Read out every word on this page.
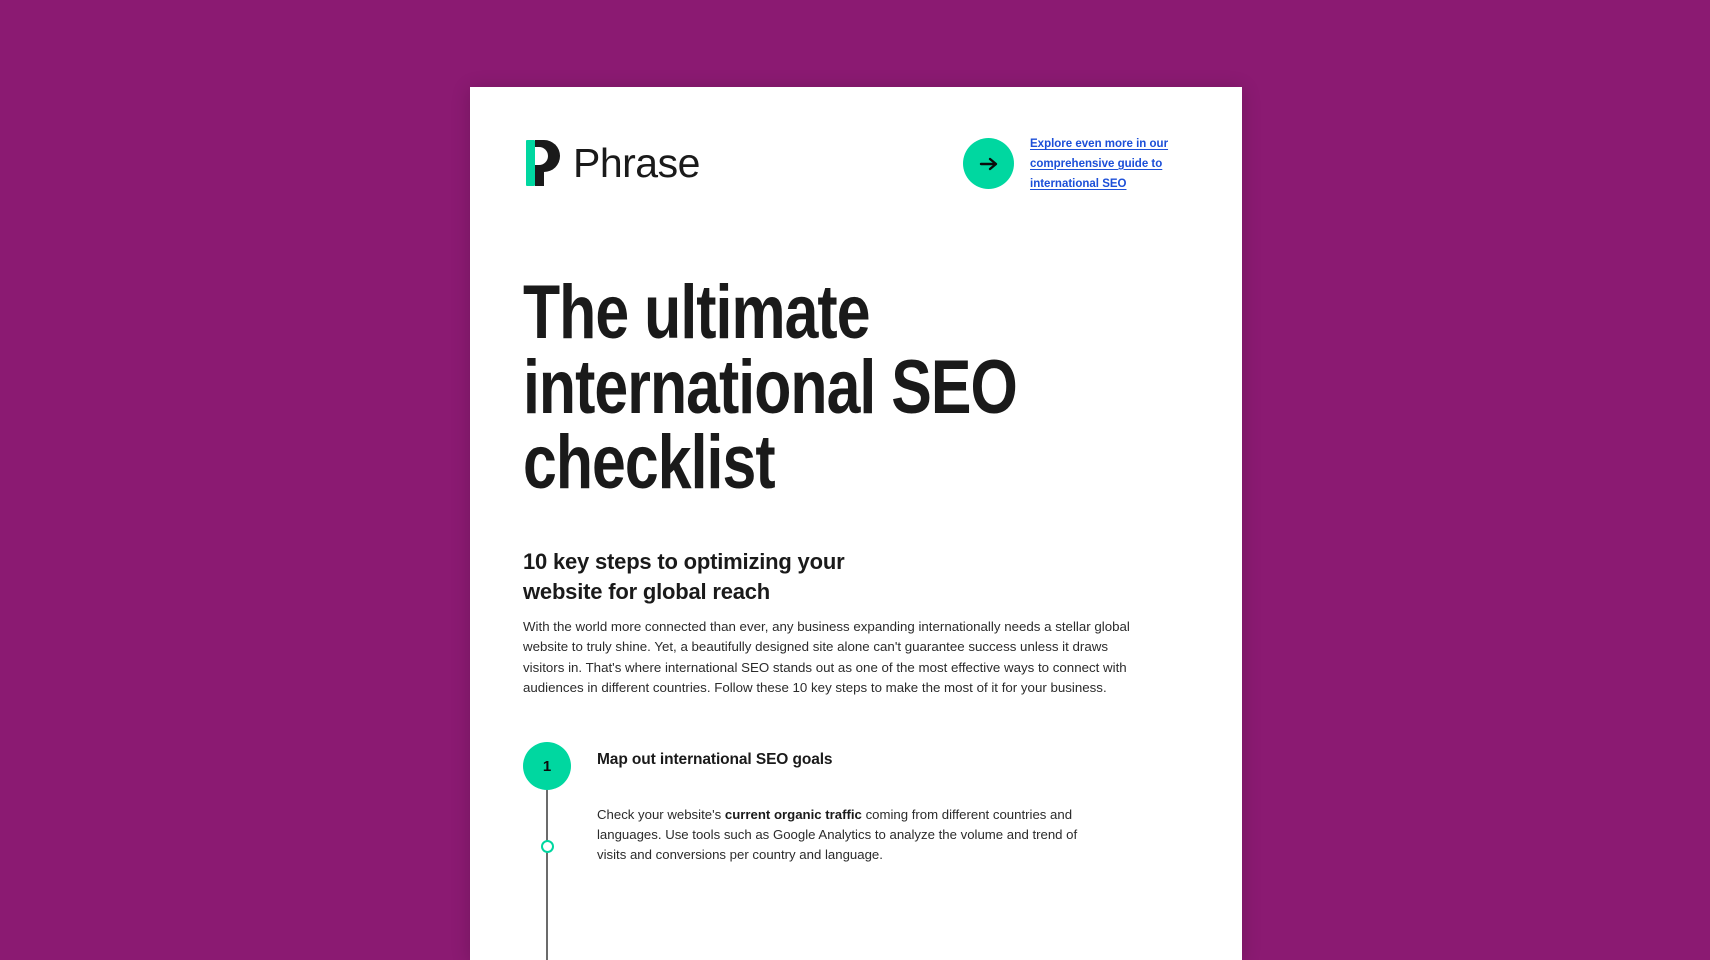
Phrase	Explore even more in our comprehensive guide to international SEO
The ultimate international SEO checklist
10 key steps to optimizing your website for global reach

With the world more connected than ever, any business expanding internationally needs a stellar global website to truly shine. Yet, a beautifully designed site alone can't guarantee success unless it draws visitors in. That's where international SEO stands out as one of the most effective ways to connect with audiences in different countries. Follow these 10 key steps to make the most of it for your business.

1	Map out international SEO goals

Check your website's current organic traffic coming from different countries and languages. Use tools such as Google Analytics to analyze the volume and trend of visits and conversions per country and language.
